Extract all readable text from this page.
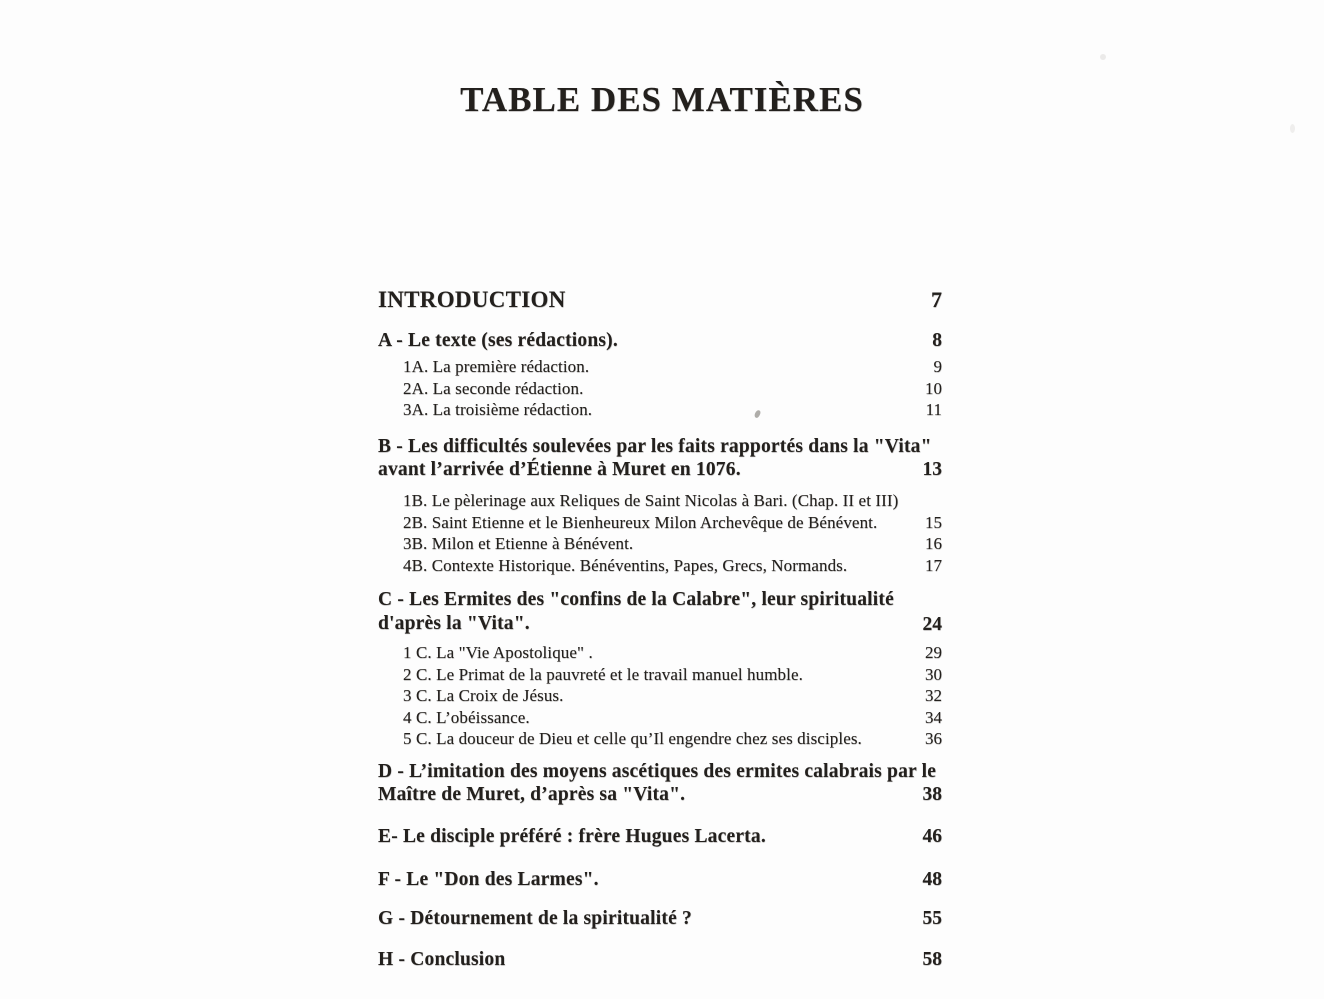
TABLE DES MATIÈRES
INTRODUCTION	7
A - Le texte (ses rédactions).	8
1A. La première rédaction.	9
2A. La seconde rédaction.	10
3A. La troisième rédaction.	11
B - Les difficultés soulevées par les faits rapportés dans la "Vita"
avant l’arrivée d’Étienne à Muret en 1076.	13
1B. Le pèlerinage aux Reliques de Saint Nicolas à Bari. (Chap. II et III)
2B. Saint Etienne et le Bienheureux Milon Archevêque de Bénévent.	15
3B. Milon et Etienne à Bénévent.	16
4B. Contexte Historique. Bénéventins, Papes, Grecs, Normands.	17
C - Les Ermites des "confins de la Calabre", leur spiritualité
d'après la "Vita".	24
1 C. La "Vie Apostolique" .	29
2 C. Le Primat de la pauvreté et le travail manuel humble.	30
3 C. La Croix de Jésus.	32
4 C. L’obéissance.	34
5 C. La douceur de Dieu et celle qu’Il engendre chez ses disciples.	36
D - L’imitation des moyens ascétiques des ermites calabrais par le
Maître de Muret, d’après sa "Vita".	38
E- Le disciple préféré : frère Hugues Lacerta.	46
F - Le "Don des Larmes".	48
G - Détournement de la spiritualité ?	55
H - Conclusion	58
